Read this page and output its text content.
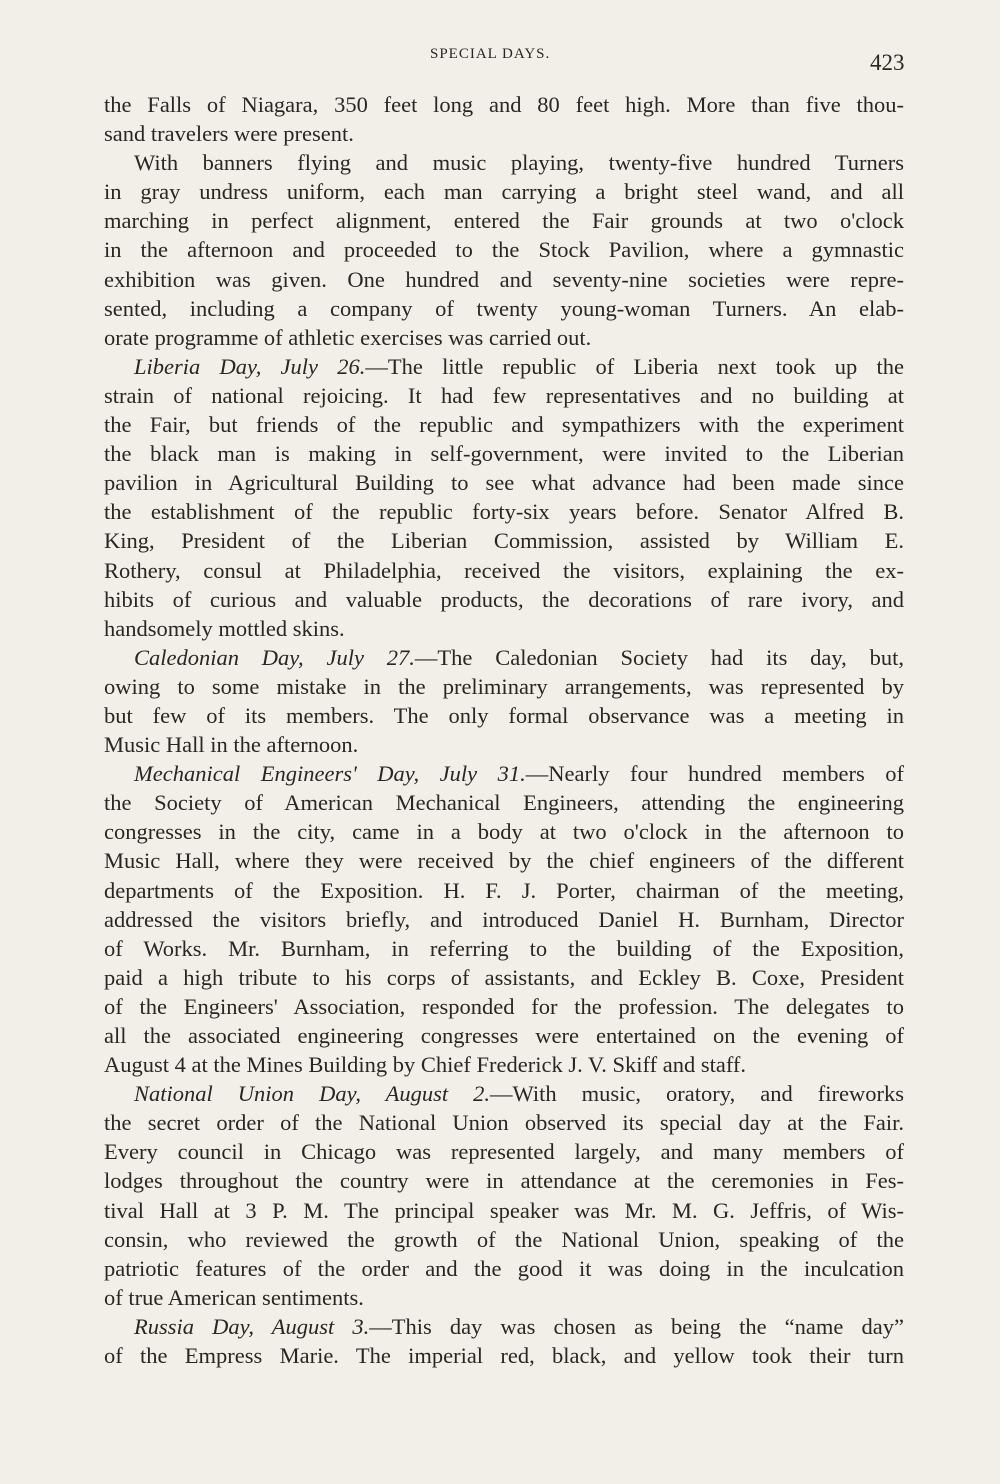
SPECIAL DAYS.	423

the Falls of Niagara, 350 feet long and 80 feet high. More than five thou-
sand travelers were present.

With banners flying and music playing, twenty-five hundred Turners
in gray undress uniform, each man carrying a bright steel wand, and all
marching in perfect alignment, entered the Fair grounds at two o'clock
in the afternoon and proceeded to the Stock Pavilion, where a gymnastic
exhibition was given. One hundred and seventy-nine societies were repre-
sented, including a company of twenty young-woman Turners. An elab-
orate programme of athletic exercises was carried out.

Liberia Day, July 26.—The little republic of Liberia next took up the
strain of national rejoicing. It had few representatives and no building at
the Fair, but friends of the republic and sympathizers with the experiment
the black man is making in self-government, were invited to the Liberian
pavilion in Agricultural Building to see what advance had been made since
the establishment of the republic forty-six years before. Senator Alfred B.
King, President of the Liberian Commission, assisted by William E.
Rothery, consul at Philadelphia, received the visitors, explaining the ex-
hibits of curious and valuable products, the decorations of rare ivory, and
handsomely mottled skins.

Caledonian Day, July 27.—The Caledonian Society had its day, but,
owing to some mistake in the preliminary arrangements, was represented by
but few of its members. The only formal observance was a meeting in
Music Hall in the afternoon.

Mechanical Engineers' Day, July 31.—Nearly four hundred members of
the Society of American Mechanical Engineers, attending the engineering
congresses in the city, came in a body at two o'clock in the afternoon to
Music Hall, where they were received by the chief engineers of the different
departments of the Exposition. H. F. J. Porter, chairman of the meeting,
addressed the visitors briefly, and introduced Daniel H. Burnham, Director
of Works. Mr. Burnham, in referring to the building of the Exposition,
paid a high tribute to his corps of assistants, and Eckley B. Coxe, President
of the Engineers' Association, responded for the profession. The delegates to
all the associated engineering congresses were entertained on the evening of
August 4 at the Mines Building by Chief Frederick J. V. Skiff and staff.

National Union Day, August 2.—With music, oratory, and fireworks
the secret order of the National Union observed its special day at the Fair.
Every council in Chicago was represented largely, and many members of
lodges throughout the country were in attendance at the ceremonies in Fes-
tival Hall at 3 P. M. The principal speaker was Mr. M. G. Jeffris, of Wis-
consin, who reviewed the growth of the National Union, speaking of the
patriotic features of the order and the good it was doing in the inculcation
of true American sentiments.

Russia Day, August 3.—This day was chosen as being the “name day”
of the Empress Marie. The imperial red, black, and yellow took their turn
